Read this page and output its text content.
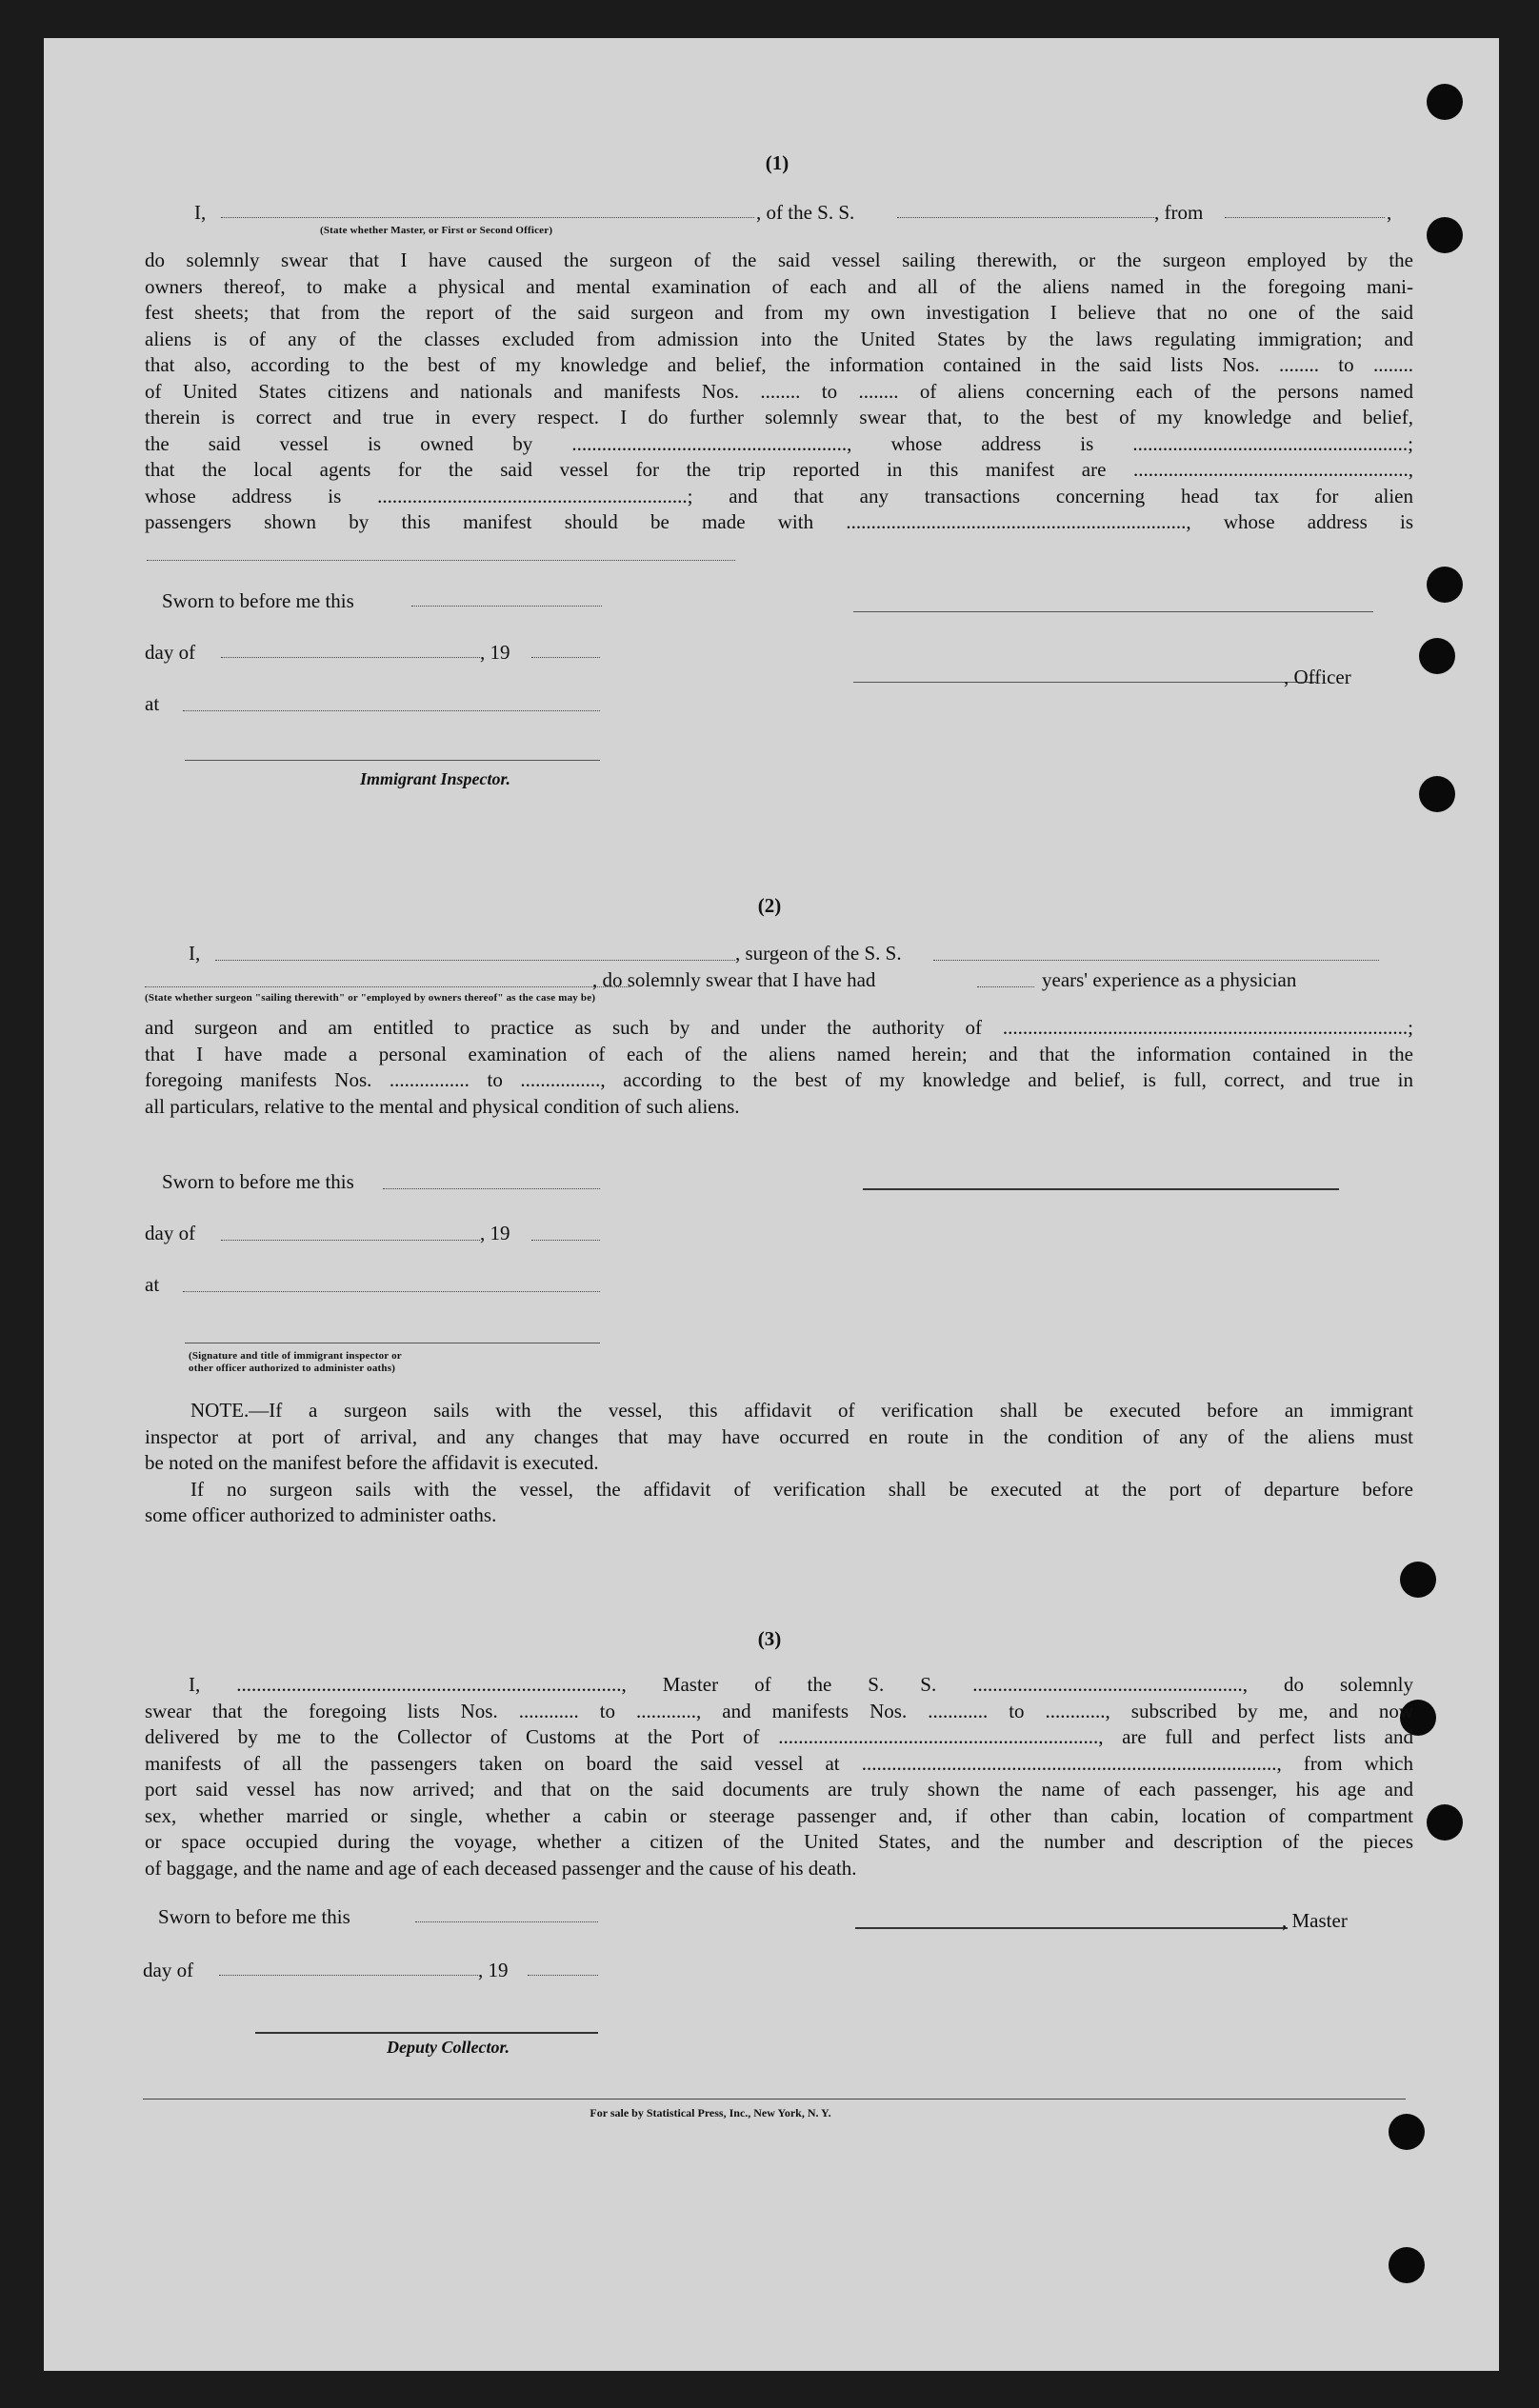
(1)
I,	, of the S. S.	, from	,
(State whether Master, or First or Second Officer)
do solemnly swear that I have caused the surgeon of the said vessel sailing therewith, or the surgeon employed by the
owners thereof, to make a physical and mental examination of each and all of the aliens named in the foregoing mani-
fest sheets; that from the report of the said surgeon and from my own investigation I believe that no one of the said
aliens is of any of the classes excluded from admission into the United States by the laws regulating immigration; and
that also, according to the best of my knowledge and belief, the information contained in the said lists Nos. ........ to ........
of United States citizens and nationals and manifests Nos. ........ to ........ of aliens concerning each of the persons named
therein is correct and true in every respect. I do further solemnly swear that, to the best of my knowledge and belief,
the said vessel is owned by ......................................................., whose address is .......................................................;
that the local agents for the said vessel for the trip reported in this manifest are .......................................................,
whose address is ..............................................................; and that any transactions concerning head tax for alien
passengers shown by this manifest should be made with ...................................................................., whose address is
Sworn to before me this
day of	, 19
, Officer
at
Immigrant Inspector.
(2)
I,	, surgeon of the S. S.
, do solemnly swear that I have had	years' experience as a physician
(State whether surgeon "sailing therewith" or "employed by owners thereof" as the case may be)
and surgeon and am entitled to practice as such by and under the authority of .................................................................................;
that I have made a personal examination of each of the aliens named herein; and that the information contained in the
foregoing manifests Nos. ................ to ................, according to the best of my knowledge and belief, is full, correct, and true in
all particulars, relative to the mental and physical condition of such aliens.
Sworn to before me this
day of	, 19
at
(Signature and title of immigrant inspector or
other officer authorized to administer oaths)
NOTE.—If a surgeon sails with the vessel, this affidavit of verification shall be executed before an immigrant
inspector at port of arrival, and any changes that may have occurred en route in the condition of any of the aliens must
be noted on the manifest before the affidavit is executed.
If no surgeon sails with the vessel, the affidavit of verification shall be executed at the port of departure before
some officer authorized to administer oaths.
(3)
I, ............................................................................., Master of the S. S. ......................................................, do solemnly
swear that the foregoing lists Nos. ............ to ............, and manifests Nos. ............ to ............, subscribed by me, and now
delivered by me to the Collector of Customs at the Port of ................................................................, are full and perfect lists and
manifests of all the passengers taken on board the said vessel at ..................................................................................., from which
port said vessel has now arrived; and that on the said documents are truly shown the name of each passenger, his age and
sex, whether married or single, whether a cabin or steerage passenger and, if other than cabin, location of compartment
or space occupied during the voyage, whether a citizen of the United States, and the number and description of the pieces
of baggage, and the name and age of each deceased passenger and the cause of his death.
Sworn to before me this	, Master
day of	, 19
Deputy Collector.
For sale by Statistical Press, Inc., New York, N. Y.
